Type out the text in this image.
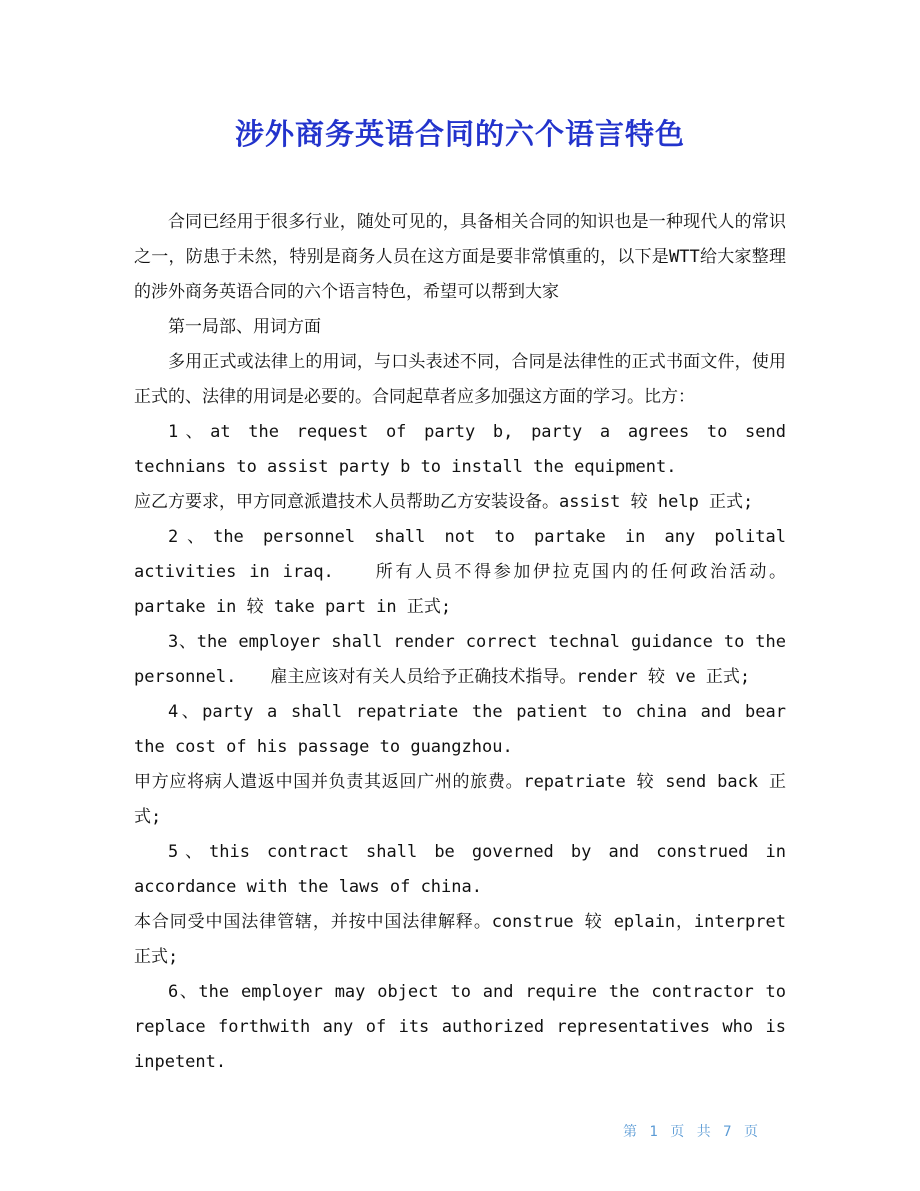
涉外商务英语合同的六个语言特色

合同已经用于很多行业，随处可见的，具备相关合同的知识也是一种现代人的常识之一，防患于未然，特别是商务人员在这方面是要非常慎重的，以下是WTT给大家整理的涉外商务英语合同的六个语言特色，希望可以帮到大家

第一局部、用词方面

多用正式或法律上的用词，与口头表述不同，合同是法律性的正式书面文件，使用正式的、法律的用词是必要的。合同起草者应多加强这方面的学习。比方：

1、at the request of party b, party a agrees to send technians to assist party b to install the equipment.

应乙方要求，甲方同意派遣技术人员帮助乙方安装设备。assist 较 help 正式;

2、the personnel shall not to partake in any polital activities in iraq.　　所有人员不得参加伊拉克国内的任何政治活动。partake in 较 take part in 正式;

3、the employer shall render correct technal guidance to the personnel.　　雇主应该对有关人员给予正确技术指导。render 较 ve 正式;

4、party a shall repatriate the patient to china and bear the cost of his passage to guangzhou.

甲方应将病人遣返中国并负责其返回广州的旅费。repatriate 较 send back 正式;

5、this contract shall be governed by and construed in accordance with the laws of china.

本合同受中国法律管辖，并按中国法律解释。construe 较 eplain，interpret 正式;

6、the employer may object to and require the contractor to replace forthwith any of its authorized representatives who is inpetent.

第 1 页 共 7 页
